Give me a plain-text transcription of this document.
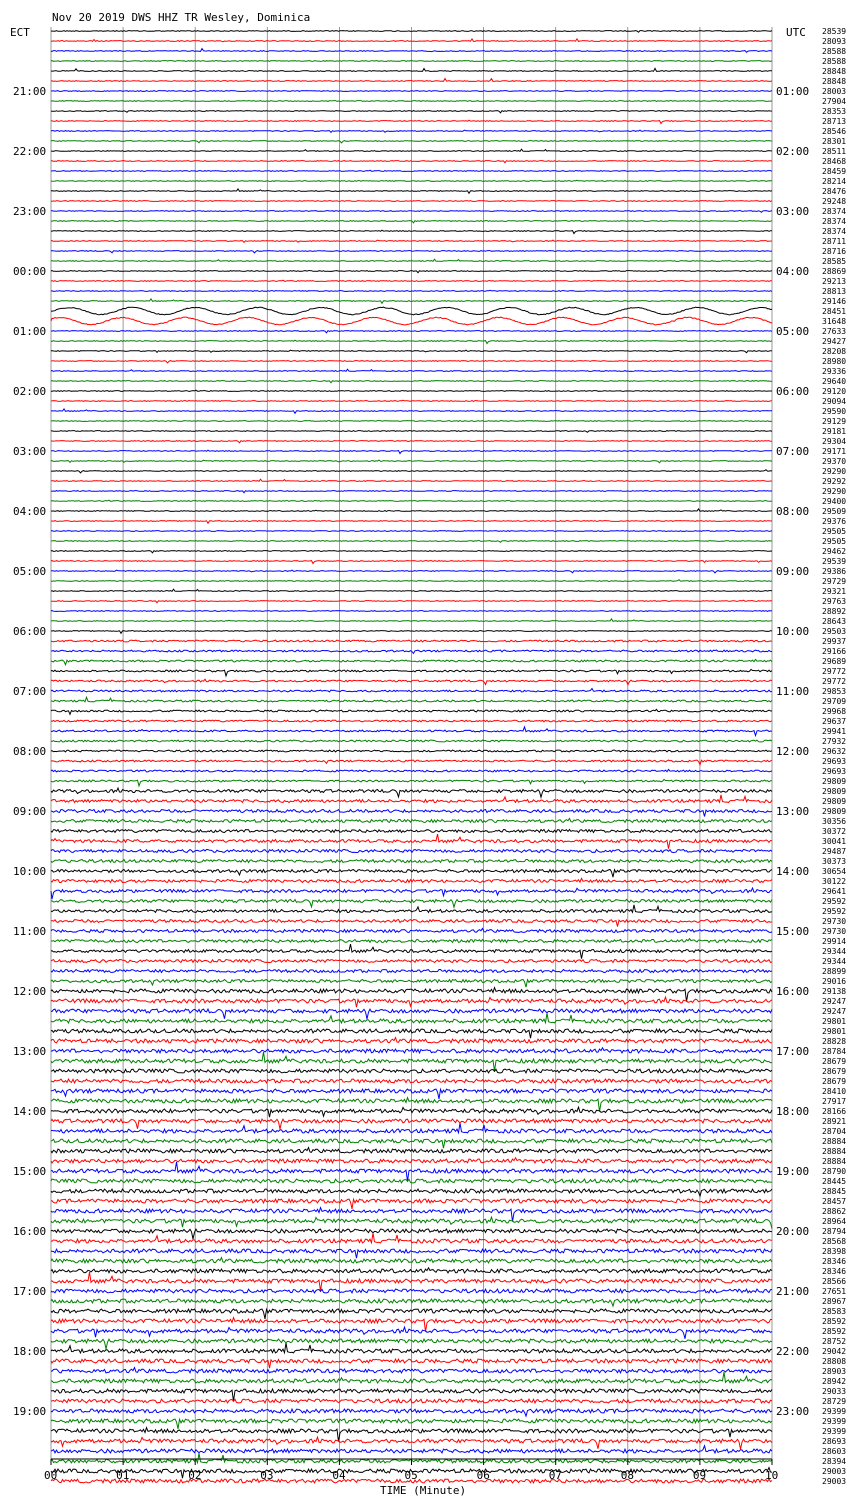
Nov 20 2019 DWS HHZ TR Wesley, Dominica
ECT	UTC
21:00
22:00
23:00
00:00
01:00
02:00
03:00
04:00
05:00
06:00
07:00
08:00
09:00
10:00
11:00
12:00
13:00
14:00
15:00
16:00
17:00
18:00
19:00
01:00
02:00
03:00
04:00
05:00
06:00
07:00
08:00
09:00
10:00
11:00
12:00
13:00
14:00
15:00
16:00
17:00
18:00
19:00
20:00
21:00
22:00
23:00
28539
28093
28588
28588
28848
28848
28003
27904
28353
28713
28546
28301
28511
28468
28459
28214
28476
29248
28374
28374
28374
28711
28716
28585
28869
29213
28813
29146
28451
31648
27633
29427
28208
28980
29336
29640
29120
29094
29590
29129
29181
29304
29171
29370
29290
29292
29290
29400
29509
29376
29505
29505
29462
29539
29386
29729
29321
29763
28892
28643
29503
29937
29166
29689
29772
29772
29853
29709
29968
29637
29941
27932
29632
29693
29693
29809
29809
29809
29809
30356
30372
30041
29487
30373
30654
30122
29641
29592
29592
29730
29730
29914
29344
29344
28899
29016
29138
29247
29247
29801
29801
28828
28784
28679
28679
28679
28410
27917
28166
28921
28704
28884
28884
28884
28790
28445
28845
28457
28862
28964
28794
28568
28398
28346
28346
28566
27651
28967
28583
28592
28592
28752
29042
28808
28903
28942
29033
28729
29399
29399
29399
28693
28603
28394
29003
29003
00	01	02	03	04	05	06	07	08	09	10
TIME (Minute)
